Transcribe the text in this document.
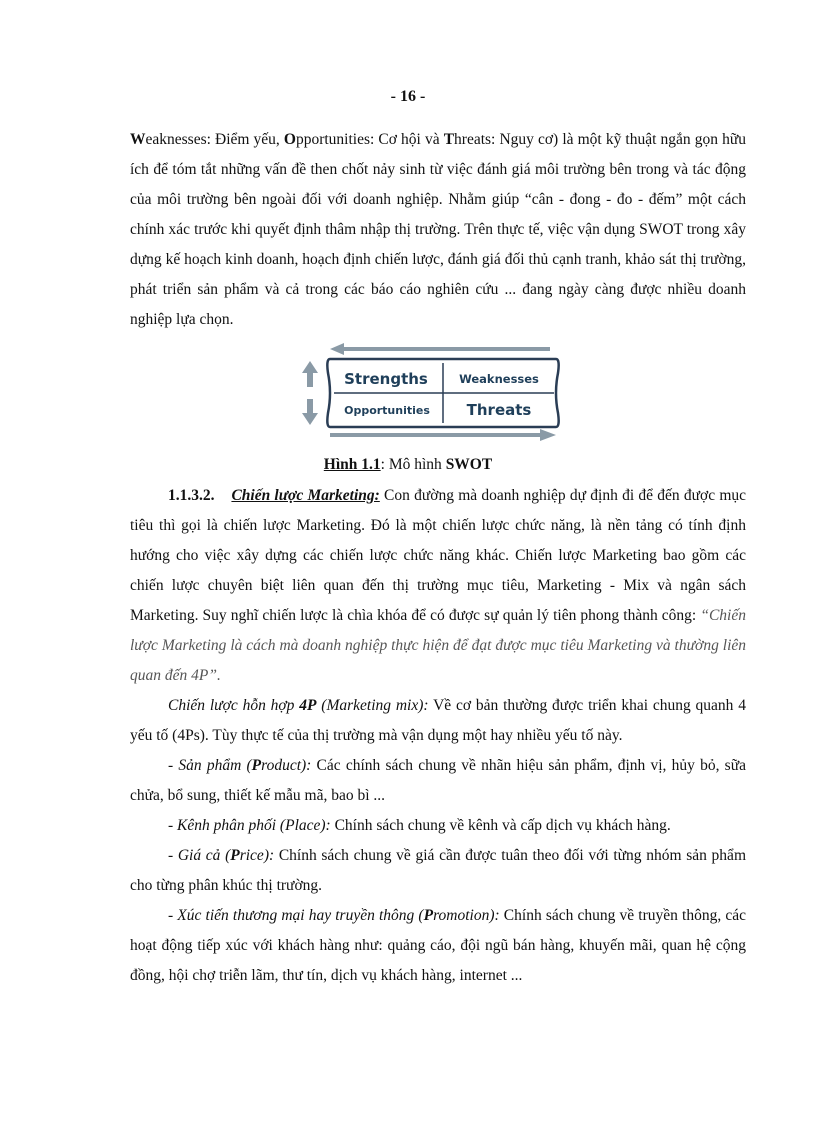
- 16 -

Weaknesses: Điểm yếu, Opportunities: Cơ hội và Threats: Nguy cơ) là một kỹ thuật ngắn gọn hữu ích để tóm tắt những vấn đề then chốt nảy sinh từ việc đánh giá môi trường bên trong và tác động của môi trường bên ngoài đối với doanh nghiệp. Nhằm giúp “cân - đong - đo - đếm” một cách chính xác trước khi quyết định thâm nhập thị trường. Trên thực tế, việc vận dụng SWOT trong xây dựng kế hoạch kinh doanh, hoạch định chiến lược, đánh giá đối thủ cạnh tranh, khảo sát thị trường, phát triển sản phẩm và cả trong các báo cáo nghiên cứu ... đang ngày càng được nhiều doanh nghiệp lựa chọn.

Strengths	Weaknesses
Opportunities Threats
Hình 1.1: Mô hình SWOT

1.1.3.2. Chiến lược Marketing: Con đường mà doanh nghiệp dự định đi để đến được mục tiêu thì gọi là chiến lược Marketing. Đó là một chiến lược chức năng, là nền tảng có tính định hướng cho việc xây dựng các chiến lược chức năng khác. Chiến lược Marketing bao gồm các chiến lược chuyên biệt liên quan đến thị trường mục tiêu, Marketing - Mix và ngân sách Marketing. Suy nghĩ chiến lược là chìa khóa để có được sự quản lý tiên phong thành công: “Chiến lược Marketing là cách mà doanh nghiệp thực hiện để đạt được mục tiêu Marketing và thường liên quan đến 4P”.

Chiến lược hỗn hợp 4P (Marketing mix): Về cơ bản thường được triển khai chung quanh 4 yếu tố (4Ps). Tùy thực tế của thị trường mà vận dụng một hay nhiều yếu tố này.

- Sản phẩm (Product): Các chính sách chung về nhãn hiệu sản phẩm, định vị, hủy bỏ, sữa chửa, bổ sung, thiết kế mẫu mã, bao bì ...

- Kênh phân phối (Place): Chính sách chung về kênh và cấp dịch vụ khách hàng.

- Giá cả (Price): Chính sách chung về giá cần được tuân theo đối với từng nhóm sản phẩm cho từng phân khúc thị trường.

- Xúc tiến thương mại hay truyền thông (Promotion): Chính sách chung về truyền thông, các hoạt động tiếp xúc với khách hàng như: quảng cáo, đội ngũ bán hàng, khuyến mãi, quan hệ cộng đồng, hội chợ triễn lãm, thư tín, dịch vụ khách hàng, internet ...
